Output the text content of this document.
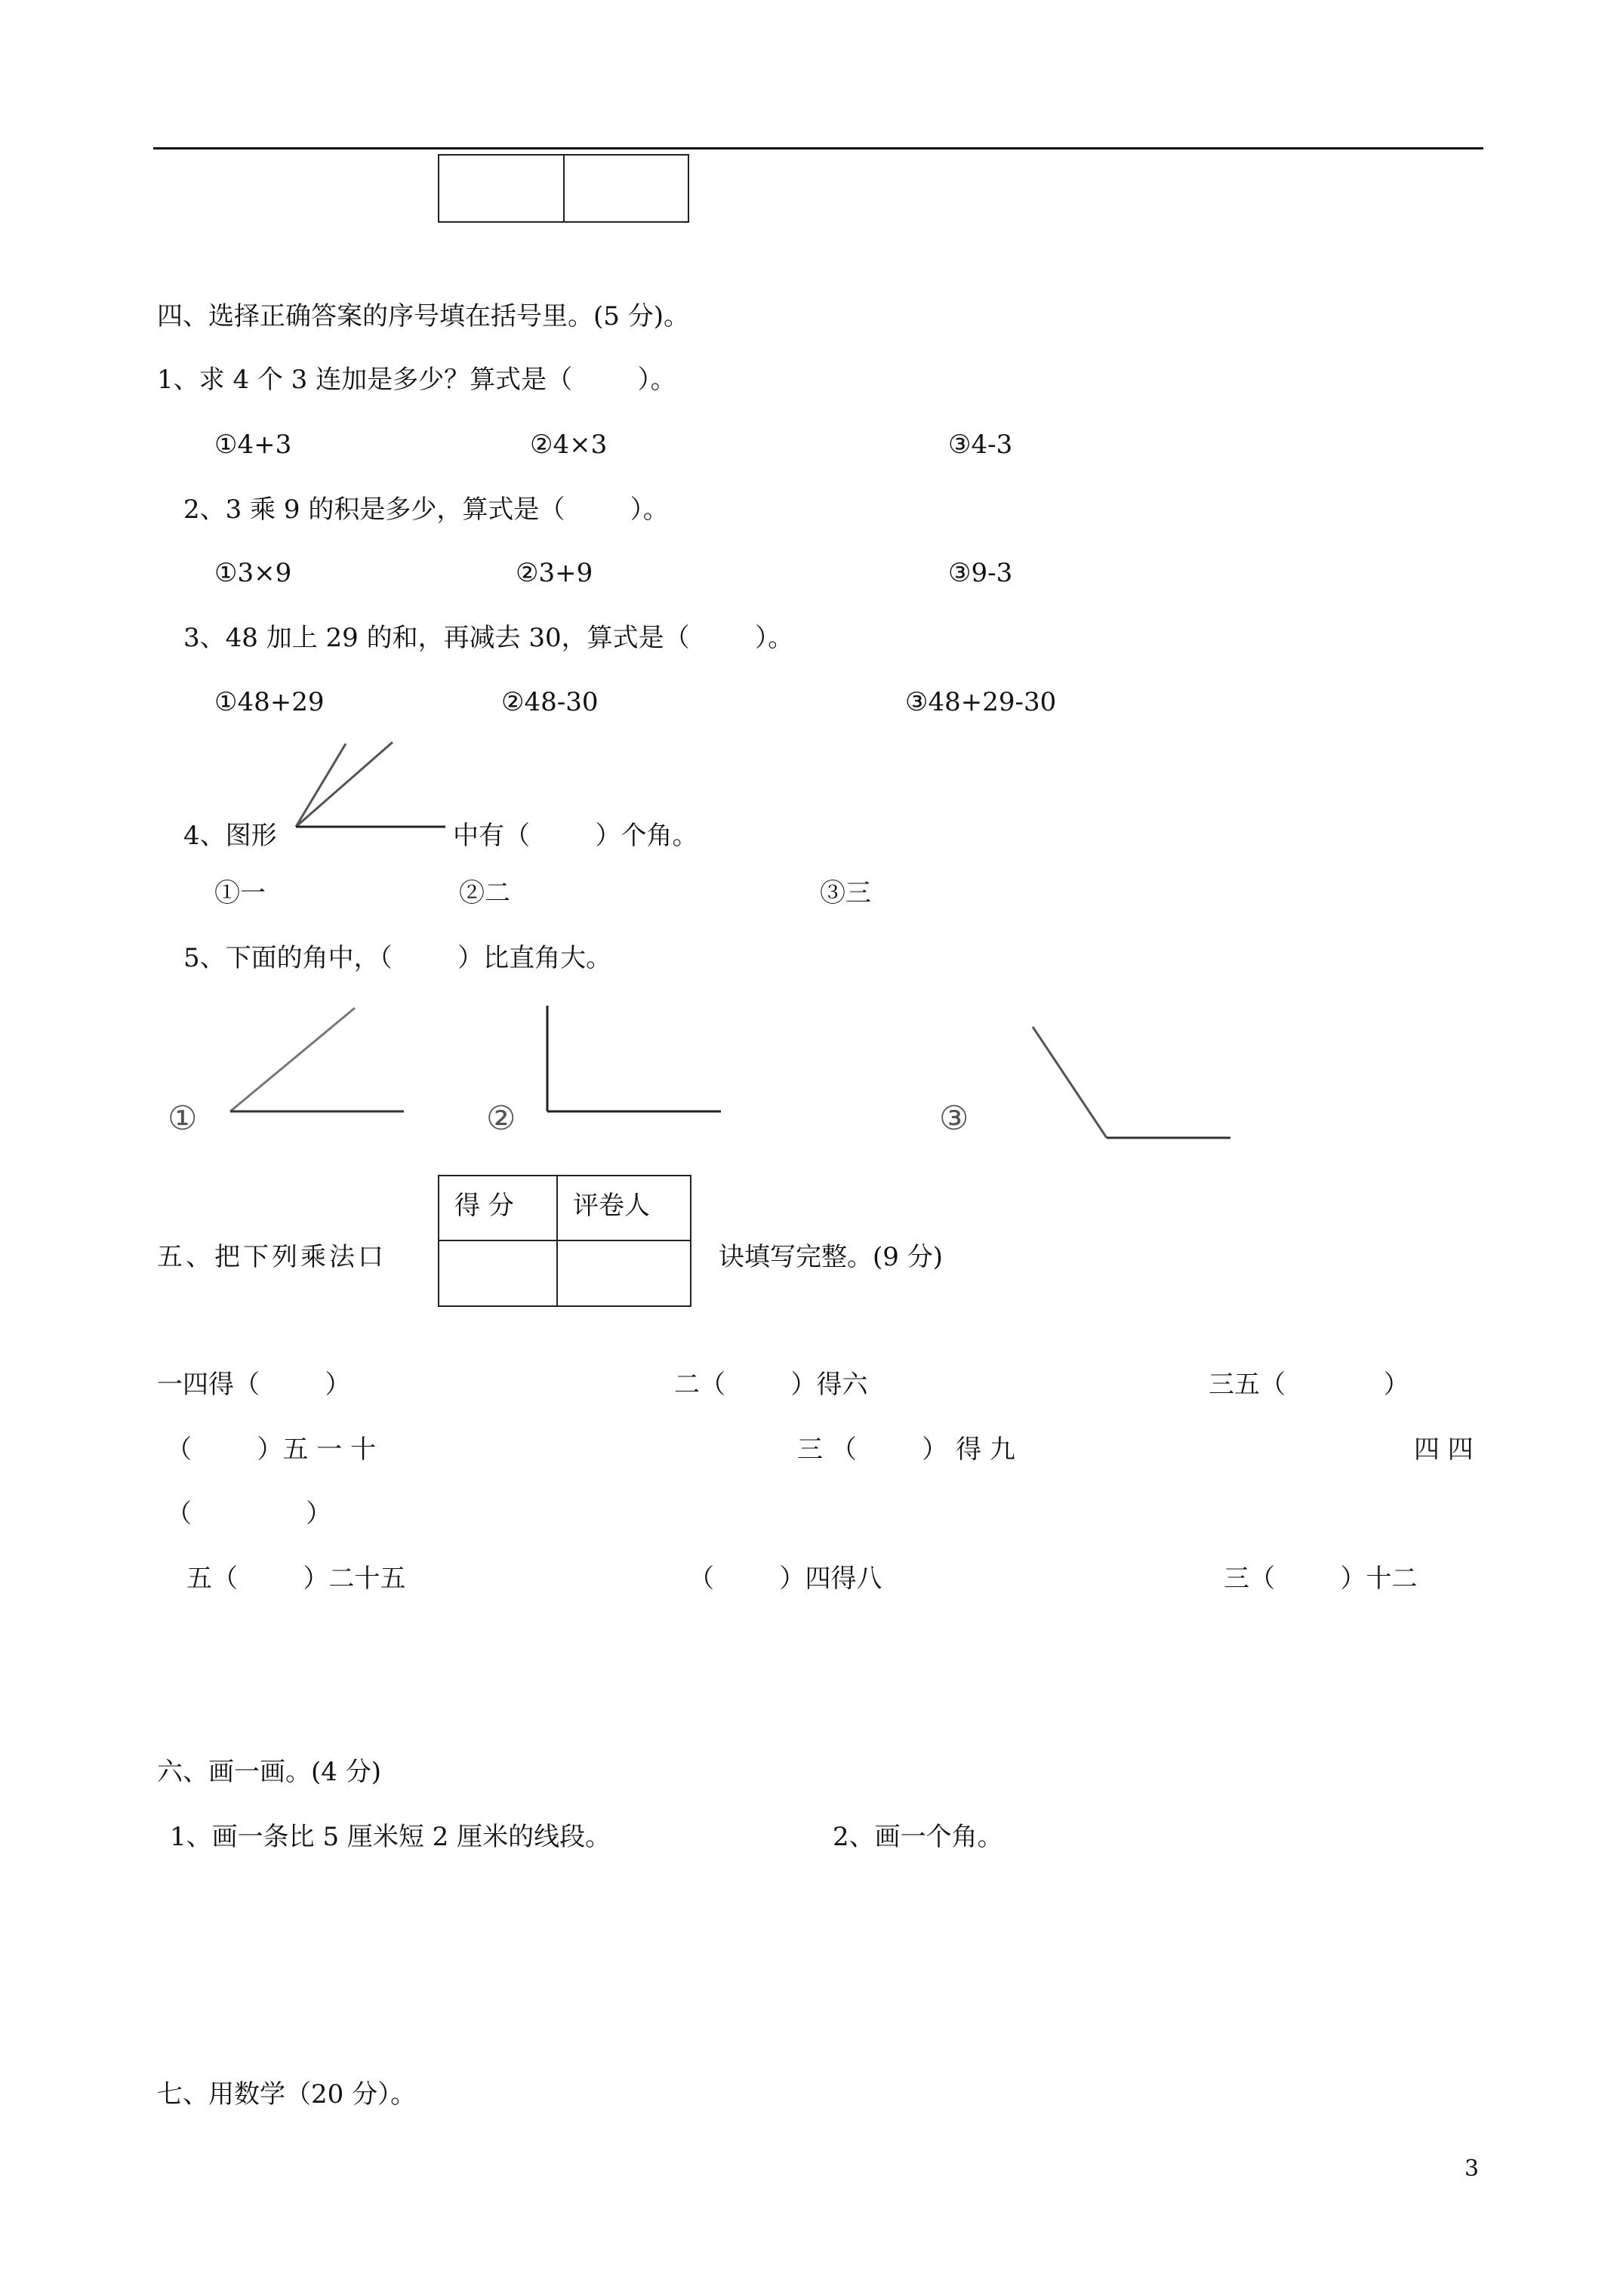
四、选择正确答案的序号填在括号里。(5 分)。
1、求 4 个 3 连加是多少？算式是（        ）。
①4+3	②4×3	③4-3
2、3 乘 9 的积是多少，算式是（        ）。
①3×9	②3+9	③9-3
3、48 加上 29 的和，再减去 30，算式是（        ）。
①48+29	②48-30	③48+29-30
4、图形	中有（        ）个角。
①一	②二	③三
5、下面的角中，（        ）比直角大。
①	②	③
得 分 评卷人
五、把下列乘法口	诀填写完整。(9 分)
一四得（        ）	二（        ）得六	三五（            ）
（        ）五 一 十	三 （        ） 得 九	四 四
（              ）
五（        ）二十五	（        ）四得八	三（        ）十二
六、画一画。(4 分)
1、画一条比 5 厘米短 2 厘米的线段。	2、画一个角。
七、用数学（20 分）。
3
